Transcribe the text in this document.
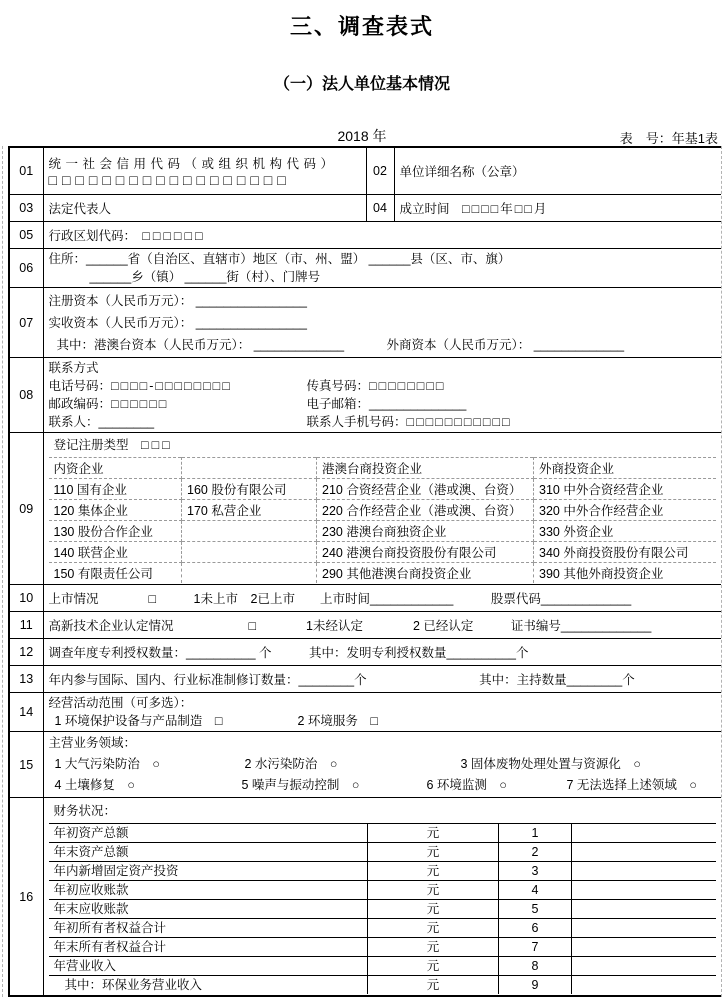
三、调查表式
（一）法人单位基本情况
2018 年	表　号：年基1表
01	统一社会信用代码（或组织机构代码）
□□□□□□□□□□□□□□□□□□
	02	单位详细名称（公章）
03	法定代表人	04	成立时间　□□□□年□□月
05	行政区划代码：　□□□□□□
06	
住所：______省（自治区、直辖市）地区（市、州、盟） ______县（区、市、旗）
______乡（镇） ______街（村）、门牌号

07	
注册资本（人民币万元）： ________________
实收资本（人民币万元）： ________________
其中：港澳台资本（人民币万元）： _____________	外商资本（人民币万元）： _____________

08	
联系方式
电话号码：□□□□-□□□□□□□□	传真号码：□□□□□□□□
邮政编码：□□□□□□	电子邮箱：______________
联系人：________	联系人手机号码：□□□□□□□□□□□

09	
登记注册类型　□□□
内资企业		港澳台商投资企业	外商投资企业
110 国有企业	160 股份有限公司	210 合资经营企业（港或澳、台资）	310 中外合资经营企业
120 集体企业	170 私营企业	220 合作经营企业（港或澳、台资）	320 中外合作经营企业
130 股份合作企业		230 港澳台商独资企业	330 外资企业
140 联营企业		240 港澳台商投资股份有限公司	340 外商投资股份有限公司
150 有限责任公司		290 其他港澳台商投资企业	390 其他外商投资企业

10	上市情况　　　　□　　　1未上市　2已上市　　上市时间____________　　　股票代码_____________
11	高新技术企业认定情况　　　　　　□　　　　1未经认定　　　　2 已经认定　　　证书编号_____________
12	调查年度专利授权数量：__________ 个　　　其中：发明专利授权数量__________个
13	年内参与国际、国内、行业标准制修订数量：________个　　　　　　　　　其中：主持数量________个
14	
经营活动范围（可多选）：
1 环境保护设备与产品制造　□	2 环境服务　□

15	
主营业务领域：
1 大气污染防治　○	2 水污染防治　○	3 固体废物处理处置与资源化　○
4 土壤修复　○	5 噪声与振动控制　○	6 环境监测　○	7 无法选择上述领域　○

16	
财务状况：
年初资产总额	元	1	
年末资产总额	元	2	
年内新增固定资产投资	元	3	
年初应收账款	元	4	
年末应收账款	元	5	
年初所有者权益合计	元	6	
年末所有者权益合计	元	7	
年营业收入	元	8	
其中：环保业务营业收入	元	9	
